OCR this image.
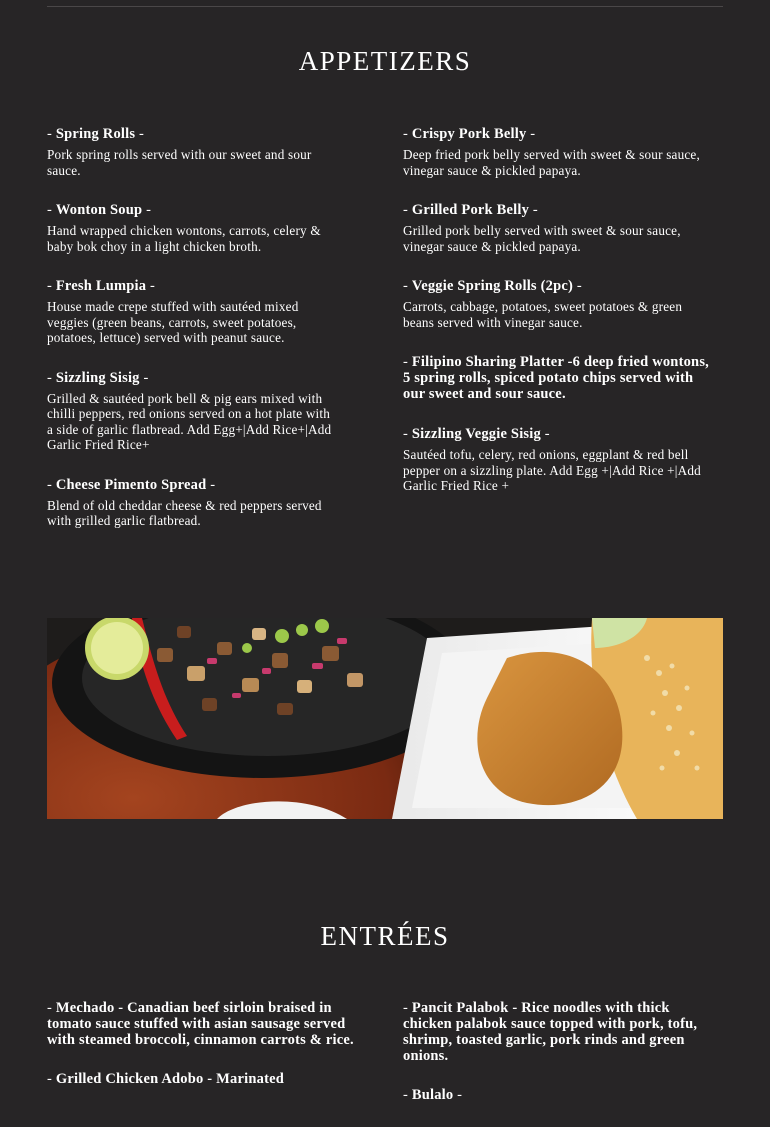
APPETIZERS
- Spring Rolls -
Pork spring rolls served with our sweet and sour sauce.
- Wonton Soup -
Hand wrapped chicken wontons, carrots, celery & baby bok choy in a light chicken broth.
- Fresh Lumpia -
House made crepe stuffed with sautéed mixed veggies (green beans, carrots, sweet potatoes, potatoes, lettuce) served with peanut sauce.
- Sizzling Sisig -
Grilled & sautéed pork bell & pig ears mixed with chilli peppers, red onions served on a hot plate with a side of garlic flatbread. Add Egg+|Add Rice+|Add Garlic Fried Rice+
- Cheese Pimento Spread -
Blend of old cheddar cheese & red peppers served with grilled garlic flatbread.
- Crispy Pork Belly -
Deep fried pork belly served with sweet & sour sauce, vinegar sauce & pickled papaya.
- Grilled Pork Belly -
Grilled pork belly served with sweet & sour sauce, vinegar sauce & pickled papaya.
- Veggie Spring Rolls (2pc) -
Carrots, cabbage, potatoes, sweet potatoes & green beans served with vinegar sauce.
- Filipino Sharing Platter -6 deep fried wontons, 5 spring rolls, spiced potato chips served with our sweet and sour sauce.
- Sizzling Veggie Sisig -
Sautéed tofu, celery, red onions, eggplant & red bell pepper on a sizzling plate. Add Egg +|Add Rice +|Add Garlic Fried Rice +
ENTRÉES
- Mechado - Canadian beef sirloin braised in tomato sauce stuffed with asian sausage served with steamed broccoli, cinnamon carrots & rice.
- Grilled Chicken Adobo - Marinated
- Pancit Palabok - Rice noodles with thick chicken palabok sauce topped with pork, tofu, shrimp, toasted garlic, pork rinds and green onions.
- Bulalo -
